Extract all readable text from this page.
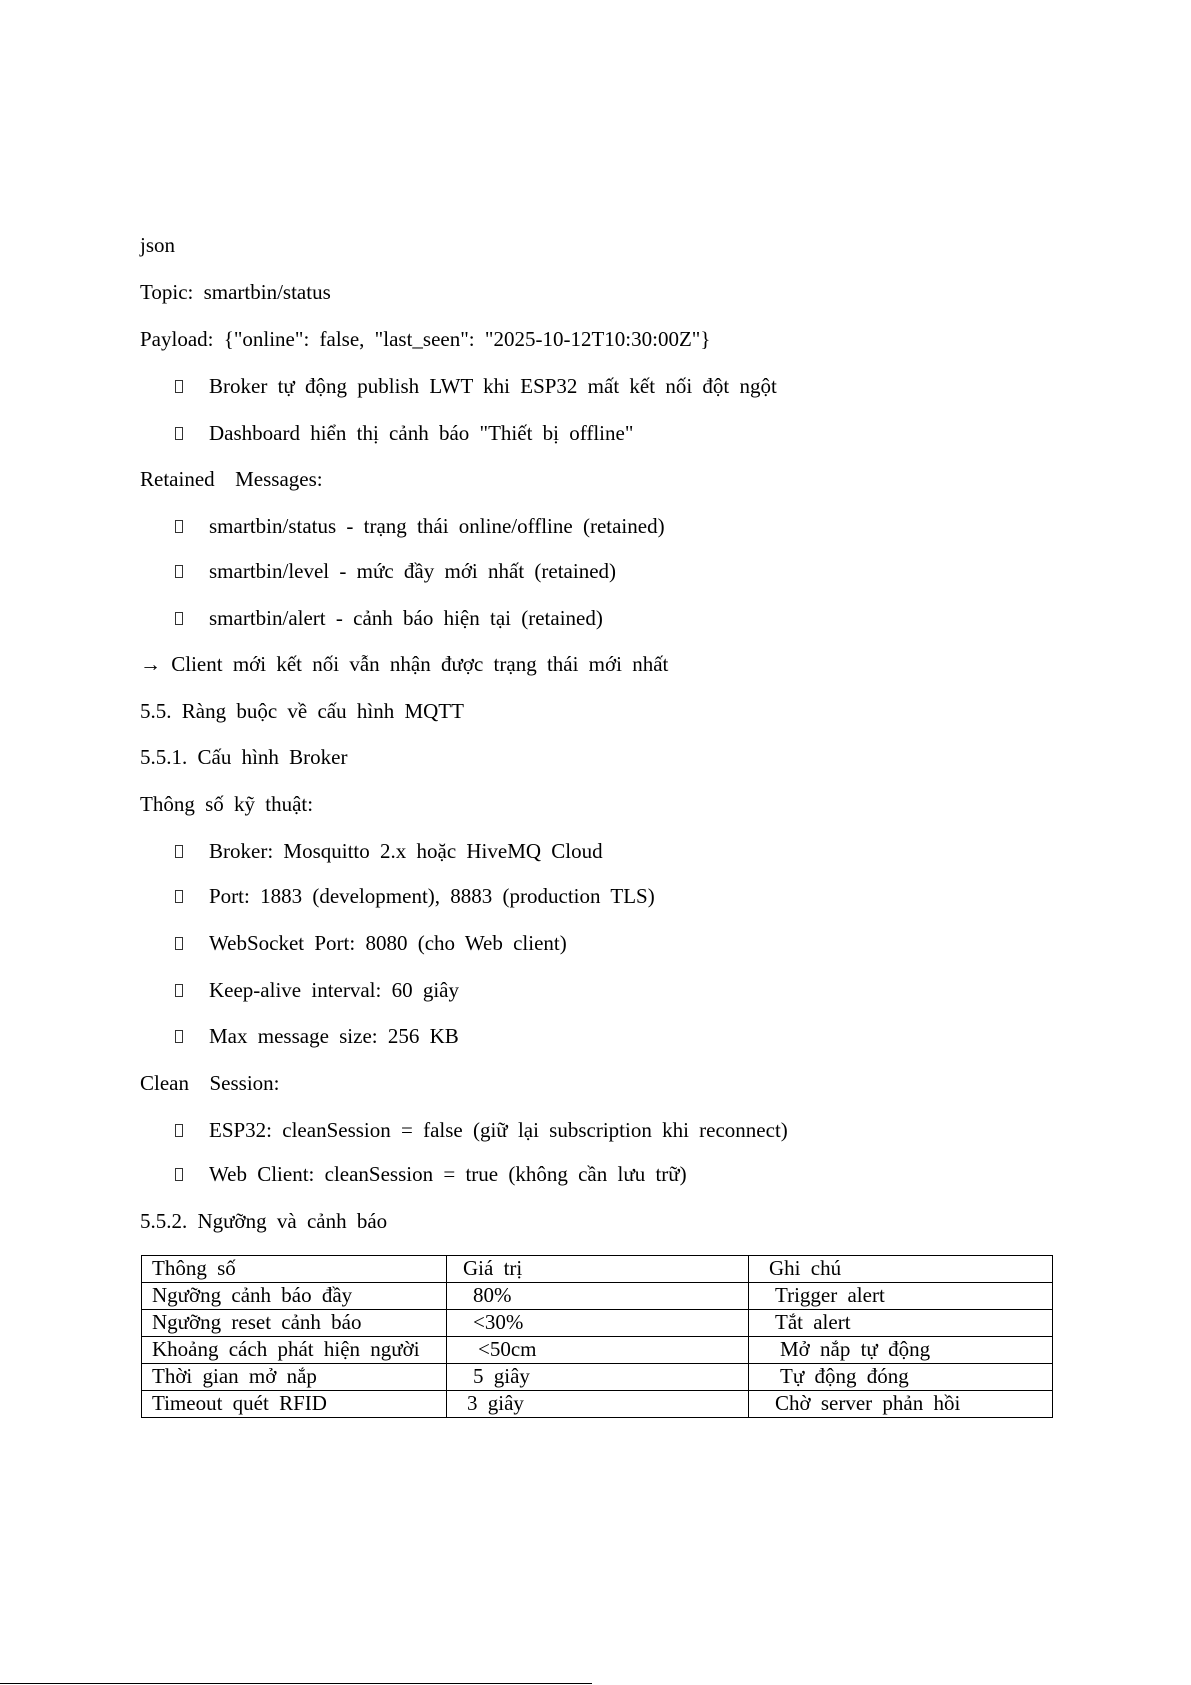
json
Topic: smartbin/status
Payload: {"online": false, "last_seen": "2025-10-12T10:30:00Z"}
Broker tự động publish LWT khi ESP32 mất kết nối đột ngột
Dashboard hiển thị cảnh báo "Thiết bị offline"
Retained  Messages:
smartbin/status - trạng thái online/offline (retained)
smartbin/level - mức đầy mới nhất (retained)
smartbin/alert - cảnh báo hiện tại (retained)
→ Client mới kết nối vẫn nhận được trạng thái mới nhất
5.5. Ràng buộc về cấu hình MQTT
5.5.1. Cấu hình Broker
Thông số kỹ thuật:
Broker: Mosquitto 2.x hoặc HiveMQ Cloud
Port: 1883 (development), 8883 (production TLS)
WebSocket Port: 8080 (cho Web client)
Keep-alive interval: 60 giây
Max message size: 256 KB
Clean  Session:
ESP32: cleanSession = false (giữ lại subscription khi reconnect)
Web Client: cleanSession = true (không cần lưu trữ)
5.5.2. Ngưỡng và cảnh báo
Thông số	Giá trị	Ghi chú
Ngưỡng cảnh báo đầy	80%	Trigger alert
Ngưỡng reset cảnh báo	<30%	Tắt alert
Khoảng cách phát hiện người	<50cm	Mở nắp tự động
Thời gian mở nắp	5 giây	Tự động đóng
Timeout quét RFID	3 giây	Chờ server phản hồi
